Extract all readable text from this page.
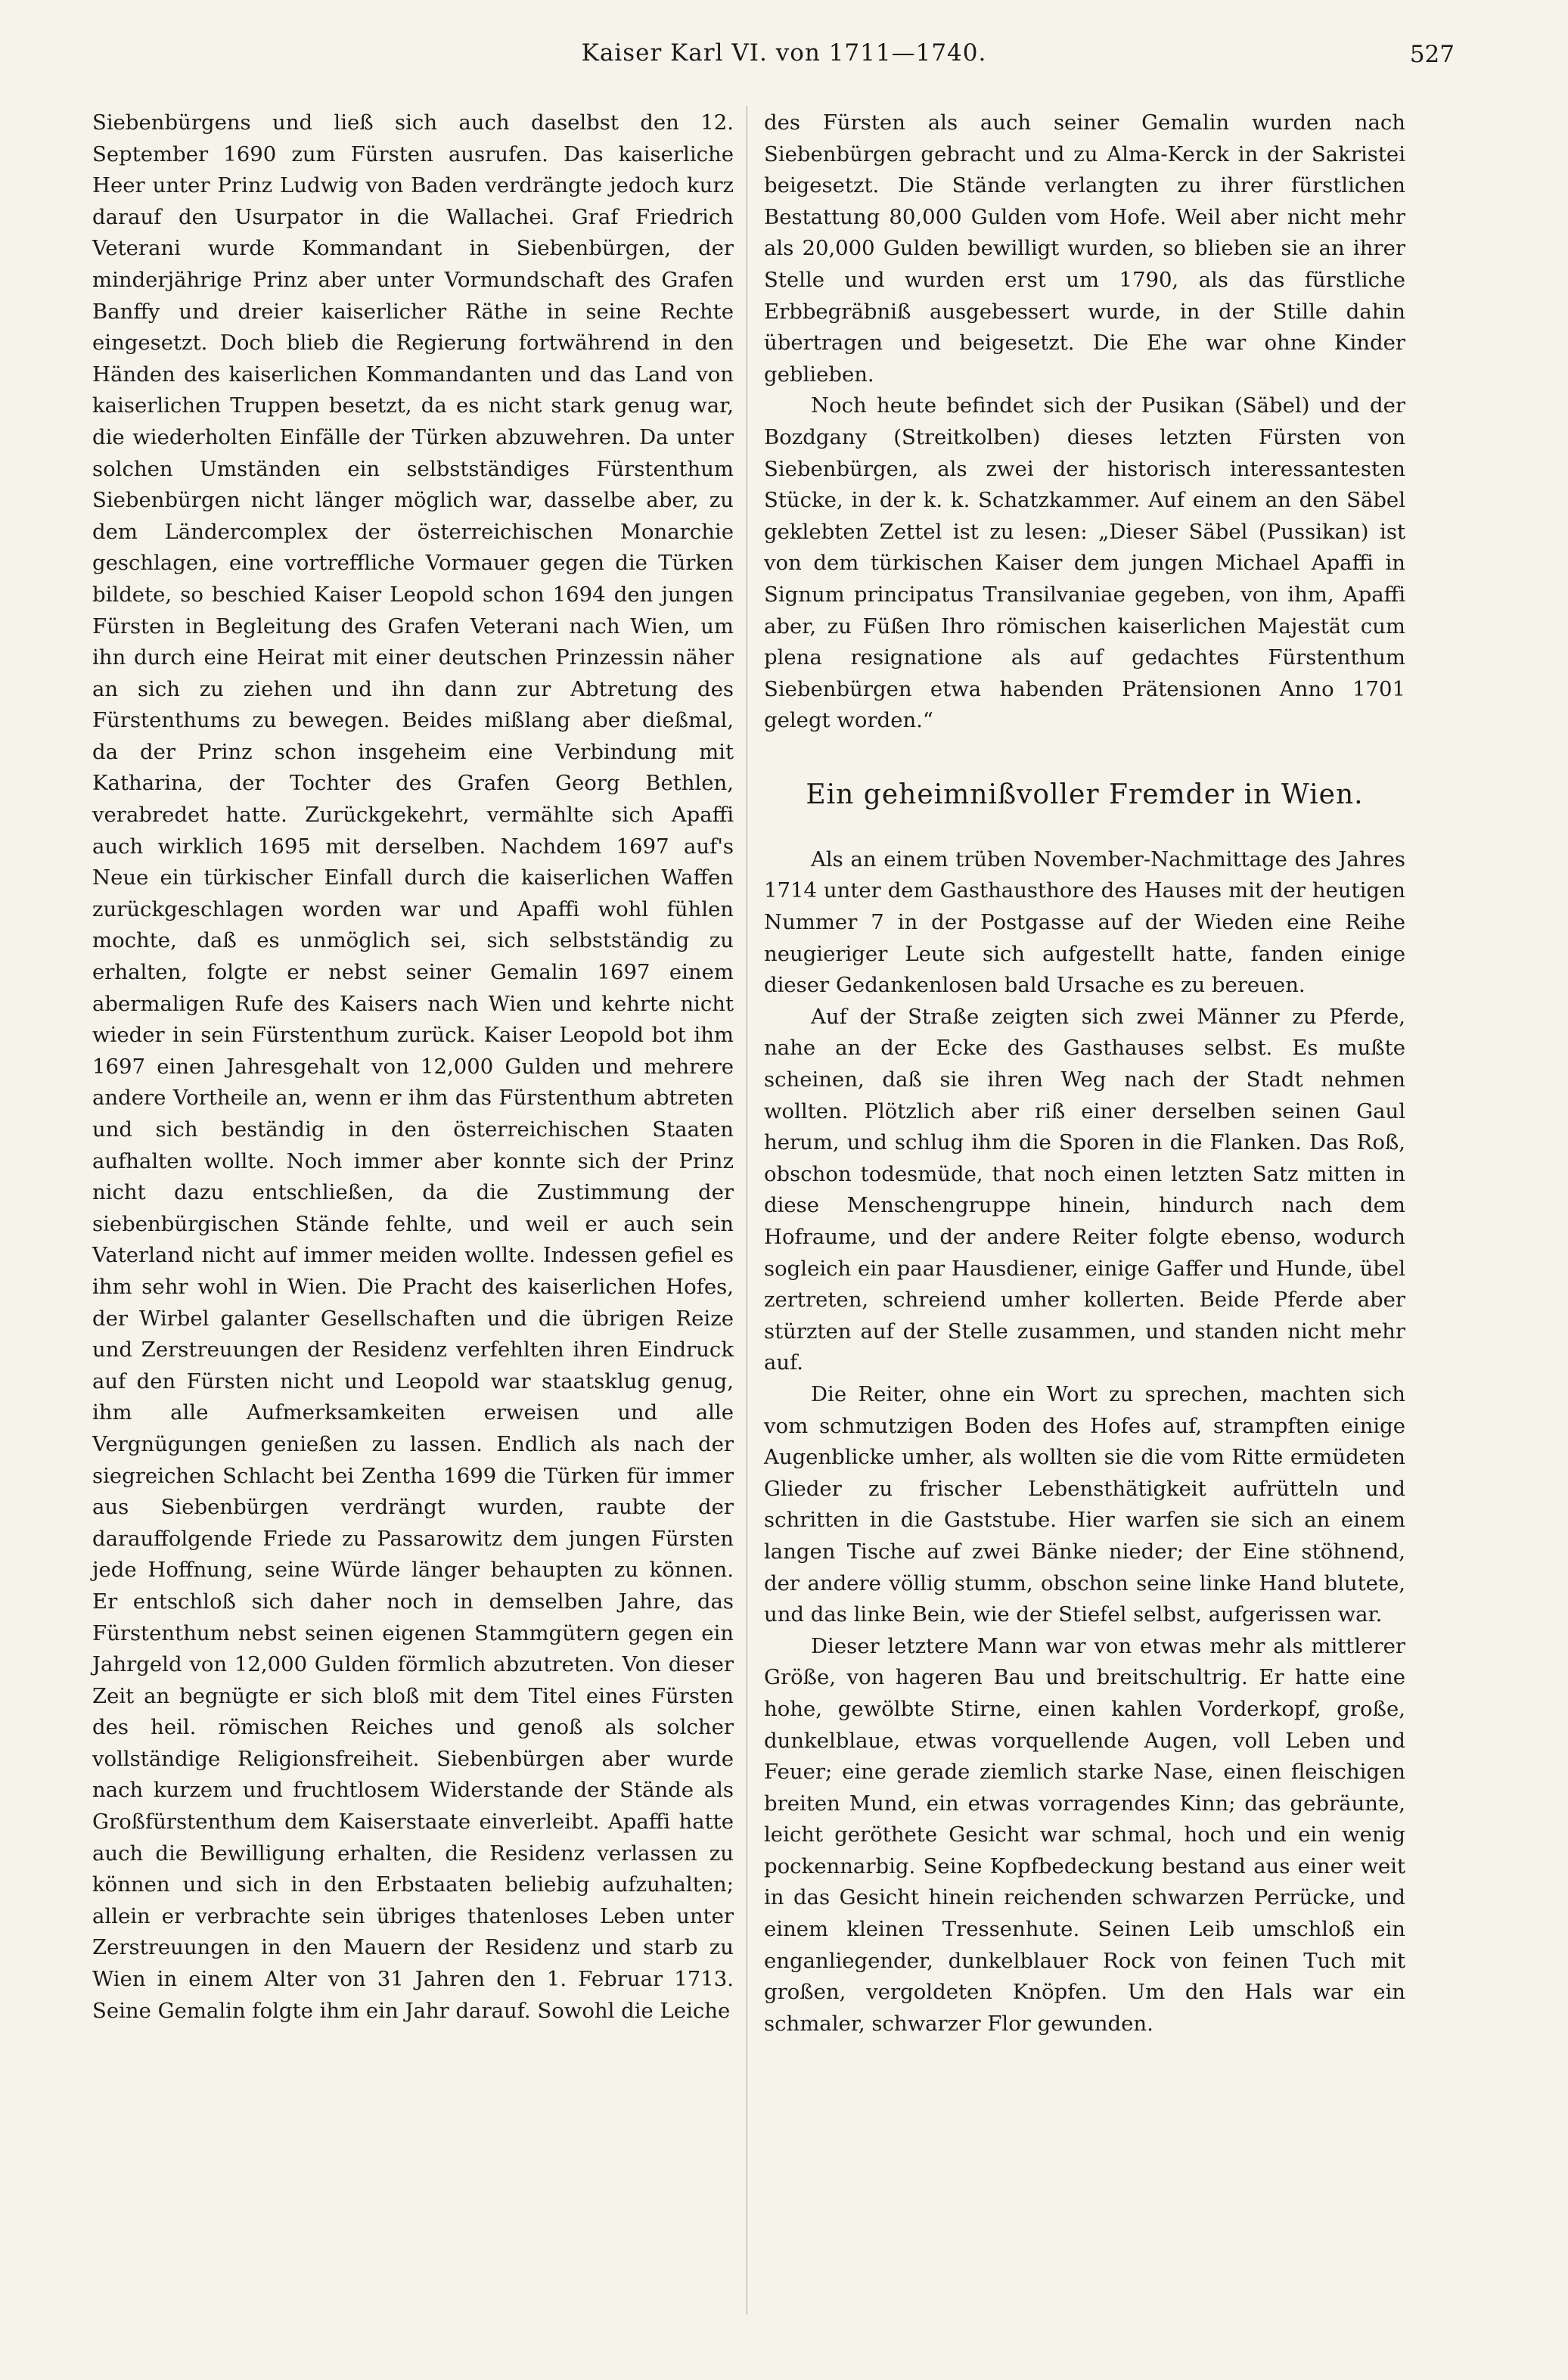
Kaiser Karl VI. von 1711—1740.	527

Siebenbürgens und ließ sich auch daselbst den 12. September 1690 zum Fürsten ausrufen. Das kaiserliche Heer unter Prinz Ludwig von Baden verdrängte jedoch kurz darauf den Usurpator in die Wallachei. Graf Friedrich Veterani wurde Kommandant in Siebenbürgen, der minderjährige Prinz aber unter Vormundschaft des Grafen Banffy und dreier kaiserlicher Räthe in seine Rechte eingesetzt. Doch blieb die Regierung fortwährend in den Händen des kaiserlichen Kommandanten und das Land von kaiserlichen Truppen besetzt, da es nicht stark genug war, die wiederholten Einfälle der Türken abzuwehren. Da unter solchen Umständen ein selbstständiges Fürstenthum Siebenbürgen nicht länger möglich war, dasselbe aber, zu dem Ländercomplex der österreichischen Monarchie geschlagen, eine vortreffliche Vormauer gegen die Türken bildete, so beschied Kaiser Leopold schon 1694 den jungen Fürsten in Begleitung des Grafen Veterani nach Wien, um ihn durch eine Heirat mit einer deutschen Prinzessin näher an sich zu ziehen und ihn dann zur Abtretung des Fürstenthums zu bewegen. Beides mißlang aber dießmal, da der Prinz schon insgeheim eine Verbindung mit Katharina, der Tochter des Grafen Georg Bethlen, verabredet hatte. Zurückgekehrt, vermählte sich Apaffi auch wirklich 1695 mit derselben. Nachdem 1697 auf's Neue ein türkischer Einfall durch die kaiserlichen Waffen zurückgeschlagen worden war und Apaffi wohl fühlen mochte, daß es unmöglich sei, sich selbstständig zu erhalten, folgte er nebst seiner Gemalin 1697 einem abermaligen Rufe des Kaisers nach Wien und kehrte nicht wieder in sein Fürstenthum zurück. Kaiser Leopold bot ihm 1697 einen Jahresgehalt von 12,000 Gulden und mehrere andere Vortheile an, wenn er ihm das Fürstenthum abtreten und sich beständig in den österreichischen Staaten aufhalten wollte. Noch immer aber konnte sich der Prinz nicht dazu entschließen, da die Zustimmung der siebenbürgischen Stände fehlte, und weil er auch sein Vaterland nicht auf immer meiden wollte. Indessen gefiel es ihm sehr wohl in Wien. Die Pracht des kaiserlichen Hofes, der Wirbel galanter Gesellschaften und die übrigen Reize und Zerstreuungen der Residenz verfehlten ihren Eindruck auf den Fürsten nicht und Leopold war staatsklug genug, ihm alle Aufmerksamkeiten erweisen und alle Vergnügungen genießen zu lassen. Endlich als nach der siegreichen Schlacht bei Zentha 1699 die Türken für immer aus Siebenbürgen verdrängt wurden, raubte der darauffolgende Friede zu Passarowitz dem jungen Fürsten jede Hoffnung, seine Würde länger behaupten zu können. Er entschloß sich daher noch in demselben Jahre, das Fürstenthum nebst seinen eigenen Stammgütern gegen ein Jahrgeld von 12,000 Gulden förmlich abzutreten. Von dieser Zeit an begnügte er sich bloß mit dem Titel eines Fürsten des heil. römischen Reiches und genoß als solcher vollständige Religionsfreiheit. Siebenbürgen aber wurde nach kurzem und fruchtlosem Widerstande der Stände als Großfürstenthum dem Kaiserstaate einverleibt. Apaffi hatte auch die Bewilligung erhalten, die Residenz verlassen zu können und sich in den Erbstaaten beliebig aufzuhalten; allein er verbrachte sein übriges thatenloses Leben unter Zerstreuungen in den Mauern der Residenz und starb zu Wien in einem Alter von 31 Jahren den 1. Februar 1713. Seine Gemalin folgte ihm ein Jahr darauf. Sowohl die Leiche

des Fürsten als auch seiner Gemalin wurden nach Siebenbürgen gebracht und zu Alma-Kerck in der Sakristei beigesetzt. Die Stände verlangten zu ihrer fürstlichen Bestattung 80,000 Gulden vom Hofe. Weil aber nicht mehr als 20,000 Gulden bewilligt wurden, so blieben sie an ihrer Stelle und wurden erst um 1790, als das fürstliche Erbbegräbniß ausgebessert wurde, in der Stille dahin übertragen und beigesetzt. Die Ehe war ohne Kinder geblieben.

Noch heute befindet sich der Pusikan (Säbel) und der Bozdgany (Streitkolben) dieses letzten Fürsten von Siebenbürgen, als zwei der historisch interessantesten Stücke, in der k. k. Schatzkammer. Auf einem an den Säbel geklebten Zettel ist zu lesen: „Dieser Säbel (Pussikan) ist von dem türkischen Kaiser dem jungen Michael Apaffi in Signum principatus Transilvaniae gegeben, von ihm, Apaffi aber, zu Füßen Ihro römischen kaiserlichen Majestät cum plena resignatione als auf gedachtes Fürstenthum Siebenbürgen etwa habenden Prätensionen Anno 1701 gelegt worden.“

Ein geheimnißvoller Fremder in Wien.

Als an einem trüben November-Nachmittage des Jahres 1714 unter dem Gasthausthore des Hauses mit der heutigen Nummer 7 in der Postgasse auf der Wieden eine Reihe neugieriger Leute sich aufgestellt hatte, fanden einige dieser Gedankenlosen bald Ursache es zu bereuen.

Auf der Straße zeigten sich zwei Männer zu Pferde, nahe an der Ecke des Gasthauses selbst. Es mußte scheinen, daß sie ihren Weg nach der Stadt nehmen wollten. Plötzlich aber riß einer derselben seinen Gaul herum, und schlug ihm die Sporen in die Flanken. Das Roß, obschon todesmüde, that noch einen letzten Satz mitten in diese Menschengruppe hinein, hindurch nach dem Hofraume, und der andere Reiter folgte ebenso, wodurch sogleich ein paar Hausdiener, einige Gaffer und Hunde, übel zertreten, schreiend umher kollerten. Beide Pferde aber stürzten auf der Stelle zusammen, und standen nicht mehr auf.

Die Reiter, ohne ein Wort zu sprechen, machten sich vom schmutzigen Boden des Hofes auf, strampften einige Augenblicke umher, als wollten sie die vom Ritte ermüdeten Glieder zu frischer Lebensthätigkeit aufrütteln und schritten in die Gaststube. Hier warfen sie sich an einem langen Tische auf zwei Bänke nieder; der Eine stöhnend, der andere völlig stumm, obschon seine linke Hand blutete, und das linke Bein, wie der Stiefel selbst, aufgerissen war.

Dieser letztere Mann war von etwas mehr als mittlerer Größe, von hageren Bau und breitschultrig. Er hatte eine hohe, gewölbte Stirne, einen kahlen Vorderkopf, große, dunkelblaue, etwas vorquellende Augen, voll Leben und Feuer; eine gerade ziemlich starke Nase, einen fleischigen breiten Mund, ein etwas vorragendes Kinn; das gebräunte, leicht geröthete Gesicht war schmal, hoch und ein wenig pockennarbig. Seine Kopfbedeckung bestand aus einer weit in das Gesicht hinein reichenden schwarzen Perrücke, und einem kleinen Tressenhute. Seinen Leib umschloß ein enganliegender, dunkelblauer Rock von feinen Tuch mit großen, vergoldeten Knöpfen. Um den Hals war ein schmaler, schwarzer Flor gewunden.
